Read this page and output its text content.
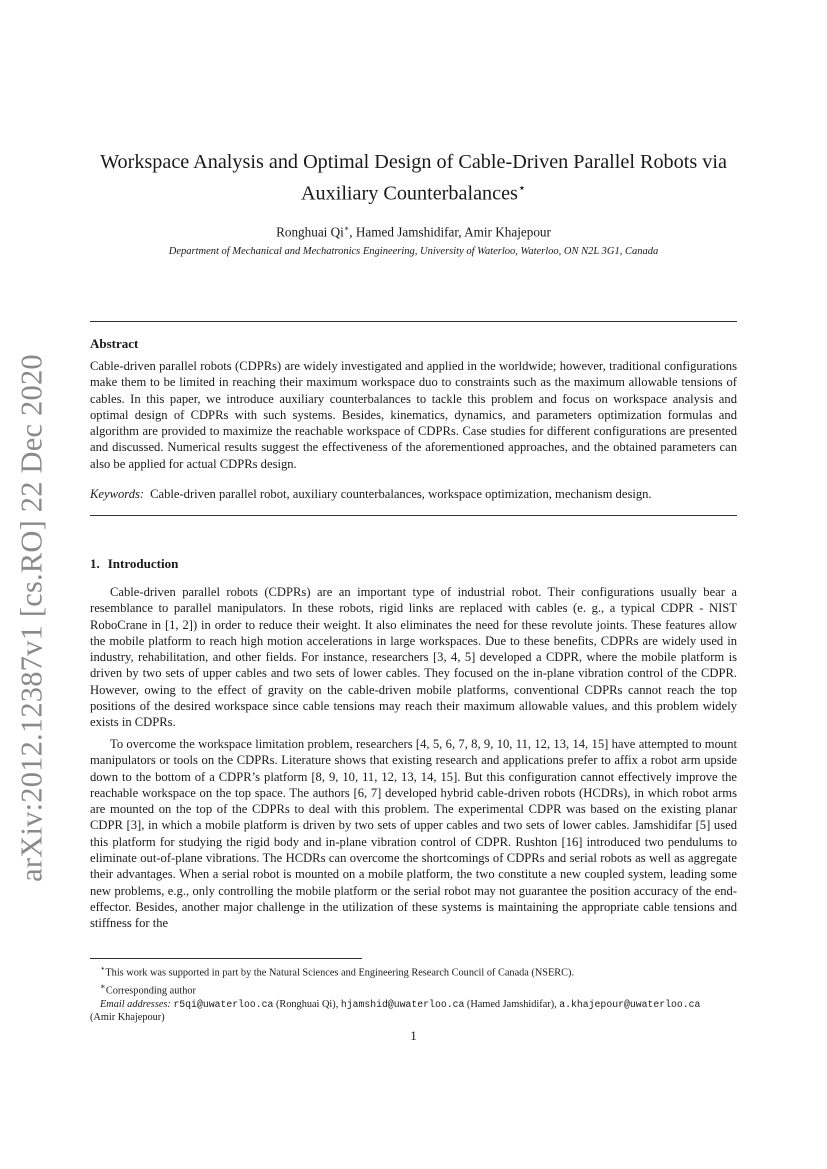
arXiv:2012.12387v1 [cs.RO] 22 Dec 2020
Workspace Analysis and Optimal Design of Cable-Driven Parallel Robots via
Auxiliary Counterbalances⋆
Ronghuai Qi∗, Hamed Jamshidifar, Amir Khajepour
Department of Mechanical and Mechatronics Engineering, University of Waterloo, Waterloo, ON N2L 3G1, Canada
Abstract
Cable-driven parallel robots (CDPRs) are widely investigated and applied in the worldwide; however, traditional configurations make them to be limited in reaching their maximum workspace duo to constraints such as the maximum allowable tensions of cables. In this paper, we introduce auxiliary counterbalances to tackle this problem and focus on workspace analysis and optimal design of CDPRs with such systems. Besides, kinematics, dynamics, and parameters optimization formulas and algorithm are provided to maximize the reachable workspace of CDPRs. Case studies for different configurations are presented and discussed. Numerical results suggest the effectiveness of the aforementioned approaches, and the obtained parameters can also be applied for actual CDPRs design.
Keywords: Cable-driven parallel robot, auxiliary counterbalances, workspace optimization, mechanism design.
1. Introduction
Cable-driven parallel robots (CDPRs) are an important type of industrial robot. Their configurations usually bear a resemblance to parallel manipulators. In these robots, rigid links are replaced with cables (e. g., a typical CDPR - NIST RoboCrane in [1, 2]) in order to reduce their weight. It also eliminates the need for these revolute joints. These features allow the mobile platform to reach high motion accelerations in large workspaces. Due to these benefits, CDPRs are widely used in industry, rehabilitation, and other fields. For instance, researchers [3, 4, 5] developed a CDPR, where the mobile platform is driven by two sets of upper cables and two sets of lower cables. They focused on the in-plane vibration control of the CDPR. However, owing to the effect of gravity on the cable-driven mobile platforms, conventional CDPRs cannot reach the top positions of the desired workspace since cable tensions may reach their maximum allowable values, and this problem widely exists in CDPRs.
To overcome the workspace limitation problem, researchers [4, 5, 6, 7, 8, 9, 10, 11, 12, 13, 14, 15] have attempted to mount manipulators or tools on the CDPRs. Literature shows that existing research and applications prefer to affix a robot arm upside down to the bottom of a CDPR’s platform [8, 9, 10, 11, 12, 13, 14, 15]. But this configuration cannot effectively improve the reachable workspace on the top space. The authors [6, 7] developed hybrid cable-driven robots (HCDRs), in which robot arms are mounted on the top of the CDPRs to deal with this problem. The experimental CDPR was based on the existing planar CDPR [3], in which a mobile platform is driven by two sets of upper cables and two sets of lower cables. Jamshidifar [5] used this platform for studying the rigid body and in-plane vibration control of CDPR. Rushton [16] introduced two pendulums to eliminate out-of-plane vibrations. The HCDRs can overcome the shortcomings of CDPRs and serial robots as well as aggregate their advantages. When a serial robot is mounted on a mobile platform, the two constitute a new coupled system, leading some new problems, e.g., only controlling the mobile platform or the serial robot may not guarantee the position accuracy of the end-effector. Besides, another major challenge in the utilization of these systems is maintaining the appropriate cable tensions and stiffness for the
⋆This work was supported in part by the Natural Sciences and Engineering Research Council of Canada (NSERC).
∗Corresponding author
Email addresses: r5qi@uwaterloo.ca (Ronghuai Qi), hjamshid@uwaterloo.ca (Hamed Jamshidifar), a.khajepour@uwaterloo.ca
(Amir Khajepour)
1
